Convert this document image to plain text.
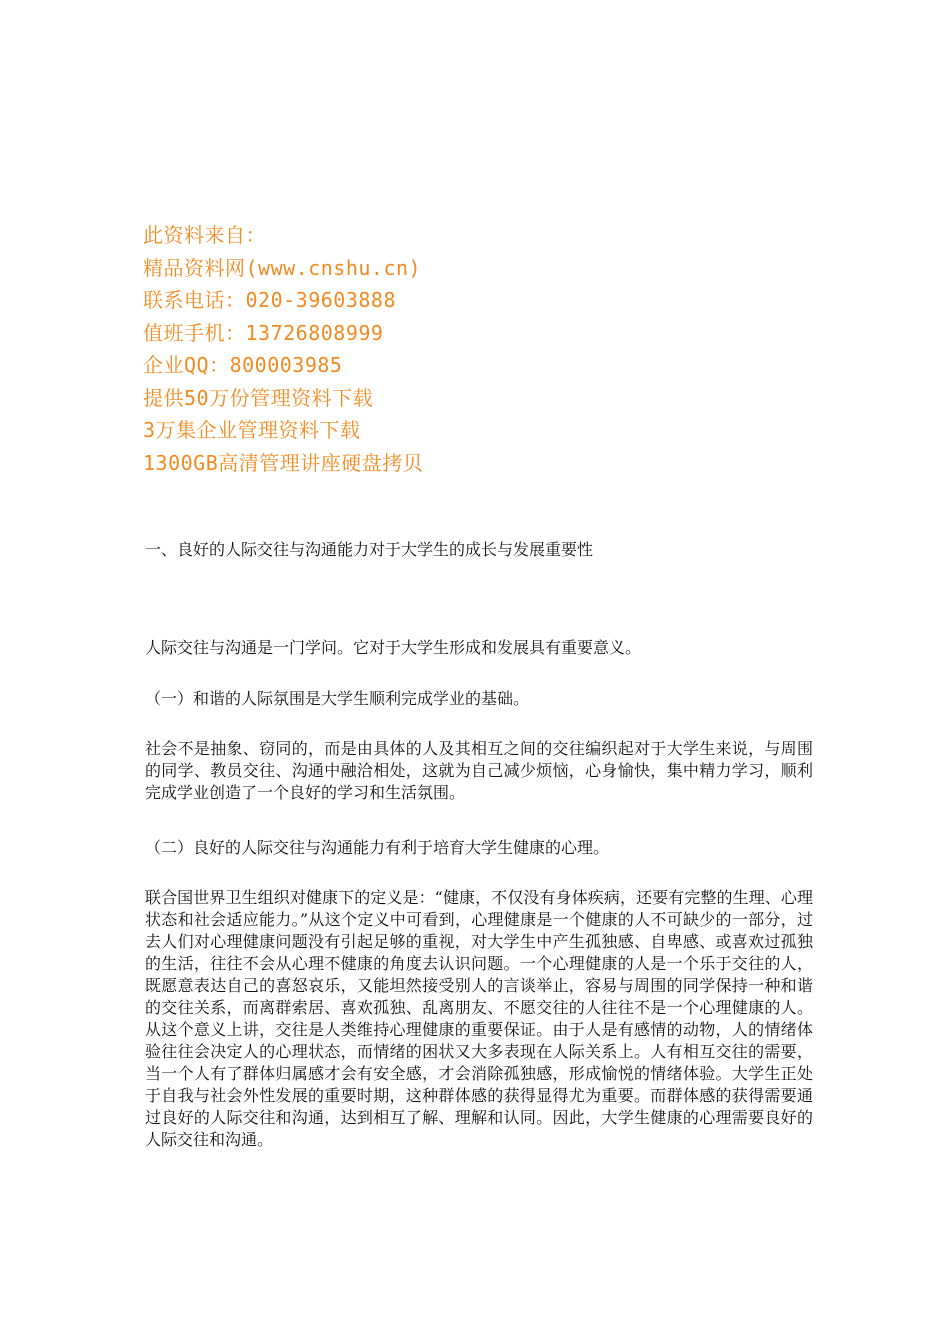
此资料来自：
精品资料网(www.cnshu.cn)
联系电话：020-39603888
值班手机：13726808999
企业QQ：800003985
提供50万份管理资料下载
3万集企业管理资料下载
1300GB高清管理讲座硬盘拷贝

一、良好的人际交往与沟通能力对于大学生的成长与发展重要性

人际交往与沟通是一门学问。它对于大学生形成和发展具有重要意义。

（一）和谐的人际氛围是大学生顺利完成学业的基础。

社会不是抽象、窃同的，而是由具体的人及其相互之间的交往编织起对于大学生来说，与周围的同学、教员交往、沟通中融洽相处，这就为自己减少烦恼，心身愉快，集中精力学习，顺利完成学业创造了一个良好的学习和生活氛围。

（二）良好的人际交往与沟通能力有利于培育大学生健康的心理。

联合国世界卫生组织对健康下的定义是：“健康，不仅没有身体疾病，还要有完整的生理、心理状态和社会适应能力。”从这个定义中可看到，心理健康是一个健康的人不可缺少的一部分，过去人们对心理健康问题没有引起足够的重视，对大学生中产生孤独感、自卑感、或喜欢过孤独的生活，往往不会从心理不健康的角度去认识问题。一个心理健康的人是一个乐于交往的人，既愿意表达自己的喜怒哀乐，又能坦然接受别人的言谈举止，容易与周围的同学保持一种和谐的交往关系，而离群索居、喜欢孤独、乱离朋友、不愿交往的人往往不是一个心理健康的人。从这个意义上讲，交往是人类维持心理健康的重要保证。由于人是有感情的动物，人的情绪体验往往会决定人的心理状态，而情绪的困状又大多表现在人际关系上。人有相互交往的需要，当一个人有了群体归属感才会有安全感，才会消除孤独感，形成愉悦的情绪体验。大学生正处于自我与社会外性发展的重要时期，这种群体感的获得显得尤为重要。而群体感的获得需要通过良好的人际交往和沟通，达到相互了解、理解和认同。因此，大学生健康的心理需要良好的人际交往和沟通。
